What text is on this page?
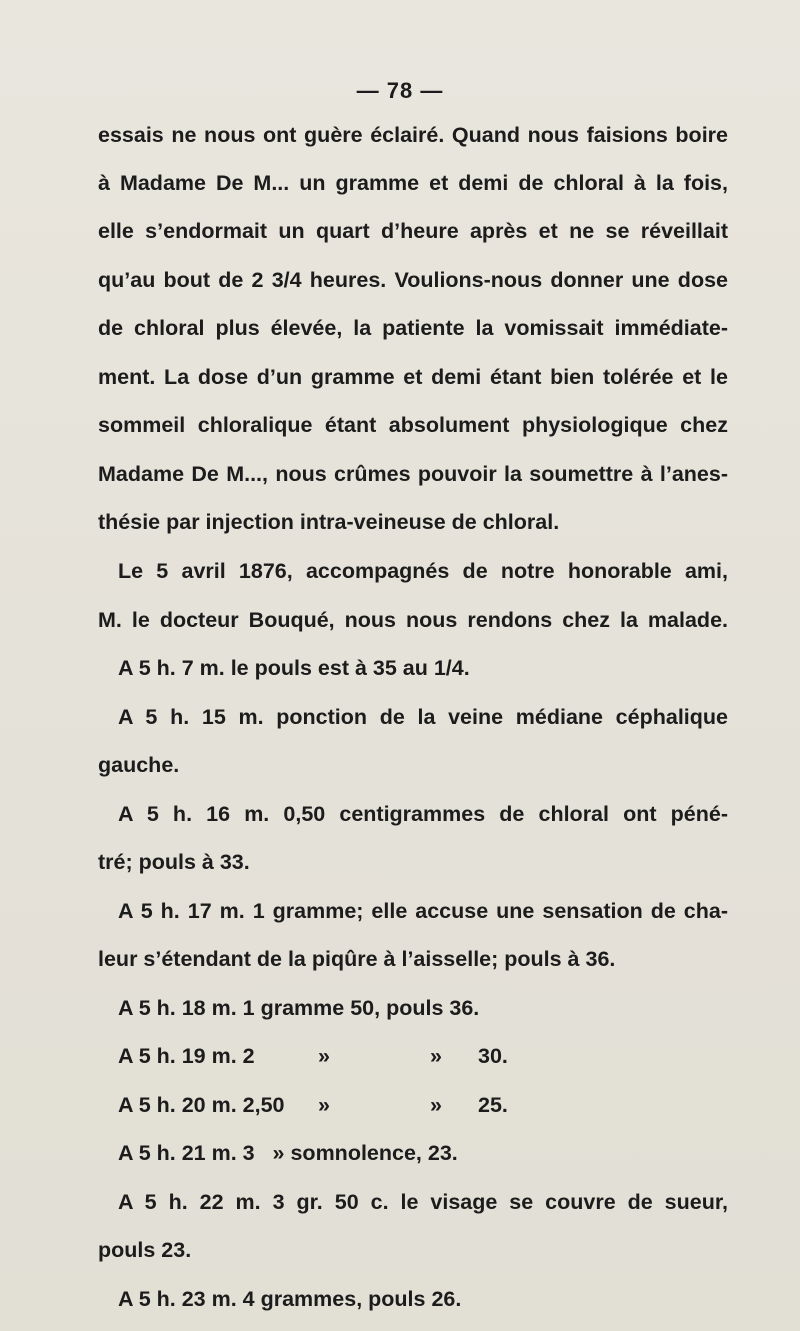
— 78 —
essais ne nous ont guère éclairé. Quand nous faisions boire
à Madame De M... un gramme et demi de chloral à la fois,
elle s’endormait un quart d’heure après et ne se réveillait
qu’au bout de 2 3/4 heures. Voulions-nous donner une dose
de chloral plus élevée, la patiente la vomissait immédiate-
ment. La dose d’un gramme et demi étant bien tolérée et le
sommeil chloralique étant absolument physiologique chez
Madame De M..., nous crûmes pouvoir la soumettre à l’anes-
thésie par injection intra-veineuse de chloral.
Le 5 avril 1876, accompagnés de notre honorable ami,
M. le docteur Bouqué, nous nous rendons chez la malade.
A 5 h. 7 m. le pouls est à 35 au 1/4.
A 5 h. 15 m. ponction de la veine médiane céphalique
gauche.
A 5 h. 16 m. 0,50 centigrammes de chloral ont péné-
tré; pouls à 33.
A 5 h. 17 m. 1 gramme; elle accuse une sensation de cha-
leur s’étendant de la piqûre à l’aisselle; pouls à 36.
A 5 h. 18 m. 1 gramme 50, pouls 36.
A 5 h. 19 m. 2	»	» 30.
A 5 h. 20 m. 2,50 »	» 25.
A 5 h. 21 m. 3   » somnolence, 23.
A 5 h. 22 m. 3 gr. 50 c. le visage se couvre de sueur,
pouls 23.
A 5 h. 23 m. 4 grammes, pouls 26.
